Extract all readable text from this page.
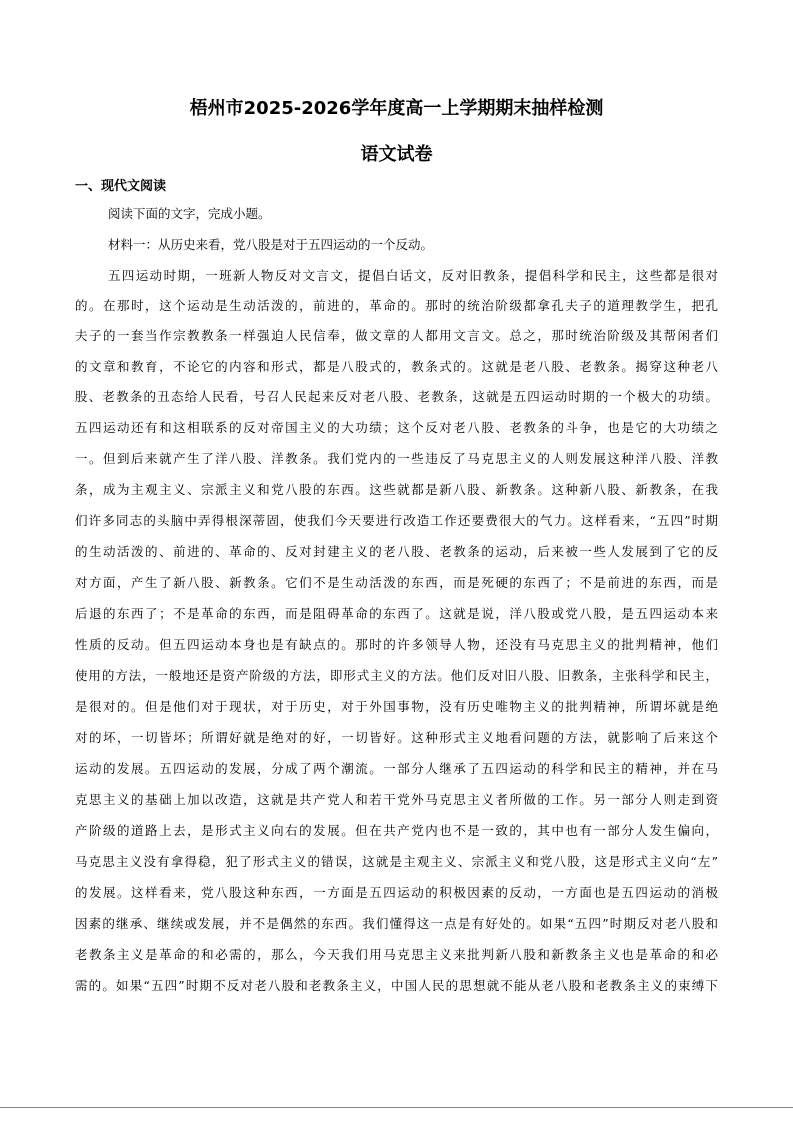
梧州市2025-2026学年度高一上学期期末抽样检测
语文试卷
一、现代文阅读
阅读下面的文字，完成小题。
材料一：从历史来看，党八股是对于五四运动的一个反动。
五四运动时期，一班新人物反对文言文，提倡白话文，反对旧教条，提倡科学和民主，这些都是很对
的。在那时，这个运动是生动活泼的，前进的，革命的。那时的统治阶级都拿孔夫子的道理教学生，把孔
夫子的一套当作宗教教条一样强迫人民信奉，做文章的人都用文言文。总之，那时统治阶级及其帮闲者们
的文章和教育，不论它的内容和形式，都是八股式的，教条式的。这就是老八股、老教条。揭穿这种老八
股、老教条的丑态给人民看，号召人民起来反对老八股、老教条，这就是五四运动时期的一个极大的功绩。
五四运动还有和这相联系的反对帝国主义的大功绩；这个反对老八股、老教条的斗争，也是它的大功绩之
一。但到后来就产生了洋八股、洋教条。我们党内的一些违反了马克思主义的人则发展这种洋八股、洋教
条，成为主观主义、宗派主义和党八股的东西。这些就都是新八股、新教条。这种新八股、新教条，在我
们许多同志的头脑中弄得根深蒂固，使我们今天要进行改造工作还要费很大的气力。这样看来，“五四”时期
的生动活泼的、前进的、革命的、反对封建主义的老八股、老教条的运动，后来被一些人发展到了它的反
对方面，产生了新八股、新教条。它们不是生动活泼的东西，而是死硬的东西了；不是前进的东西，而是
后退的东西了；不是革命的东西，而是阻碍革命的东西了。这就是说，洋八股或党八股，是五四运动本来
性质的反动。但五四运动本身也是有缺点的。那时的许多领导人物，还没有马克思主义的批判精神，他们
使用的方法，一般地还是资产阶级的方法，即形式主义的方法。他们反对旧八股、旧教条，主张科学和民主，
是很对的。但是他们对于现状，对于历史，对于外国事物，没有历史唯物主义的批判精神，所谓坏就是绝
对的坏，一切皆坏；所谓好就是绝对的好，一切皆好。这种形式主义地看问题的方法，就影响了后来这个
运动的发展。五四运动的发展，分成了两个潮流。一部分人继承了五四运动的科学和民主的精神，并在马
克思主义的基础上加以改造，这就是共产党人和若干党外马克思主义者所做的工作。另一部分人则走到资
产阶级的道路上去，是形式主义向右的发展。但在共产党内也不是一致的，其中也有一部分人发生偏向，
马克思主义没有拿得稳，犯了形式主义的错误，这就是主观主义、宗派主义和党八股，这是形式主义向“左”
的发展。这样看来，党八股这种东西，一方面是五四运动的积极因素的反动，一方面也是五四运动的消极
因素的继承、继续或发展，并不是偶然的东西。我们懂得这一点是有好处的。如果“五四”时期反对老八股和
老教条主义是革命的和必需的，那么，今天我们用马克思主义来批判新八股和新教条主义也是革命的和必
需的。如果“五四”时期不反对老八股和老教条主义，中国人民的思想就不能从老八股和老教条主义的束缚下
